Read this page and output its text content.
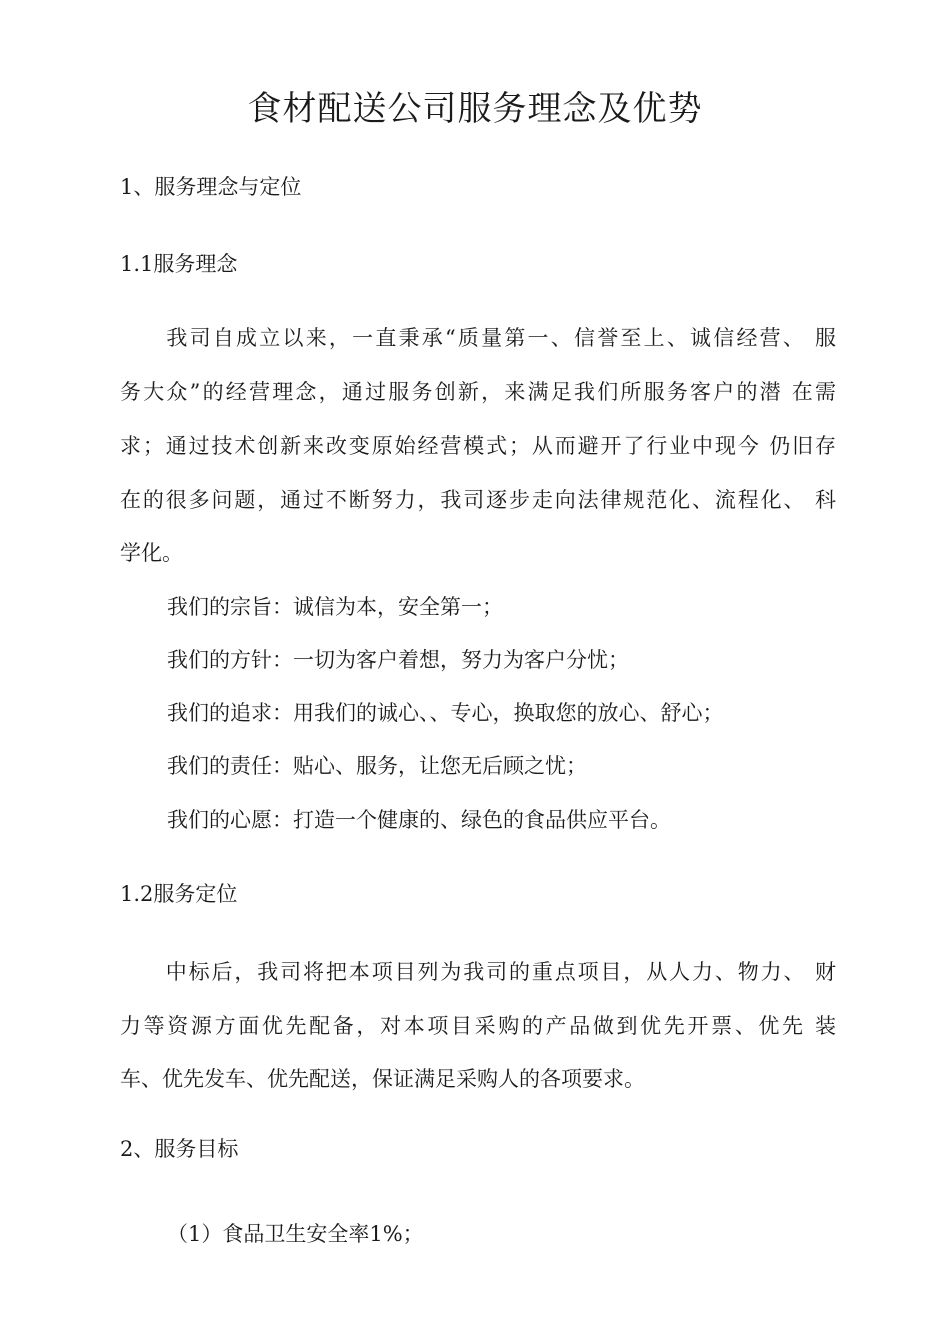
食材配送公司服务理念及优势

1、服务理念与定位

1.1服务理念

　　我司自成立以来，一直秉承“质量第一、信誉至上、诚信经营、 服

务大众”的经营理念，通过服务创新，来满足我们所服务客户的潜 在需

求；通过技术创新来改变原始经营模式；从而避开了行业中现今 仍旧存

在的很多问题，通过不断努力，我司逐步走向法律规范化、流程化、 科

学化。

我们的宗旨：诚信为本，安全第一；

我们的方针：一切为客户着想，努力为客户分忧；

我们的追求：用我们的诚心、、专心，换取您的放心、舒心；

我们的责任：贴心、服务，让您无后顾之忧；

我们的心愿：打造一个健康的、绿色的食品供应平台。

1.2服务定位

　　中标后，我司将把本项目列为我司的重点项目，从人力、物力、 财

力等资源方面优先配备，对本项目采购的产品做到优先开票、优先 装

车、优先发车、优先配送，保证满足采购人的各项要求。

2、服务目标

（1）食品卫生安全率1%；
